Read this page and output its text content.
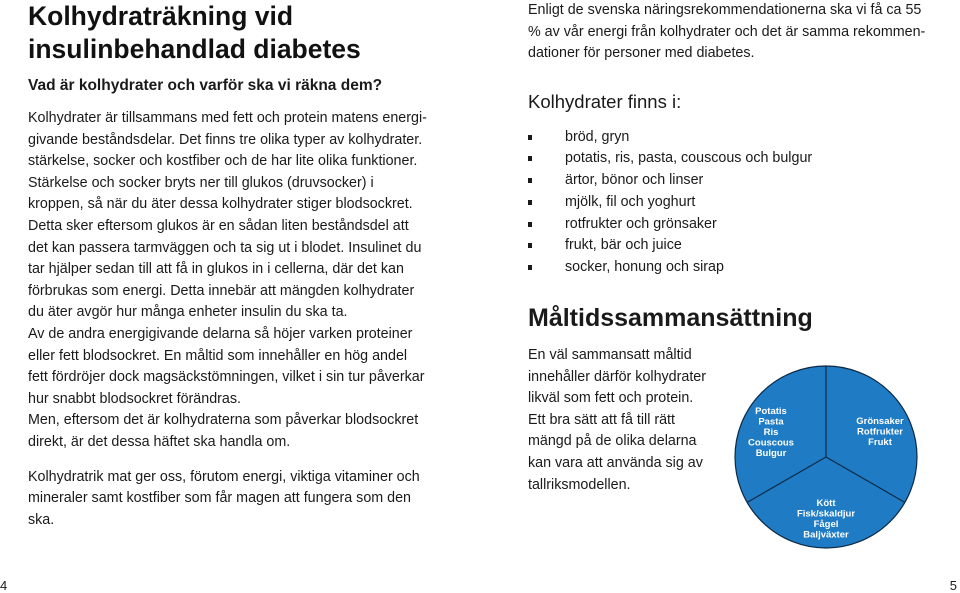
Kolhydraträkning vid
insulinbehandlad diabetes
Vad är kolhydrater och varför ska vi räkna dem?
Kolhydrater är tillsammans med fett och protein matens energi-
givande beståndsdelar. Det finns tre olika typer av kolhydrater.
stärkelse, socker och kostfiber och de har lite olika funktioner.
Stärkelse och socker bryts ner till glukos (druvsocker) i
kroppen, så när du äter dessa kolhydrater stiger blodsockret.
Detta sker eftersom glukos är en sådan liten beståndsdel att
det kan passera tarmväggen och ta sig ut i blodet. Insulinet du
tar hjälper sedan till att få in glukos in i cellerna, där det kan
förbrukas som energi. Detta innebär att mängden kolhydrater
du äter avgör hur många enheter insulin du ska ta.
Av de andra energigivande delarna så höjer varken proteiner
eller fett blodsockret. En måltid som innehåller en hög andel
fett fördröjer dock magsäckstömningen, vilket i sin tur påverkar
hur snabbt blodsockret förändras.
Men, eftersom det är kolhydraterna som påverkar blodsockret
direkt, är det dessa häftet ska handla om.
Kolhydratrik mat ger oss, förutom energi, viktiga vitaminer och
mineraler samt kostfiber som får magen att fungera som den ska.
Enligt de svenska näringsrekommendationerna ska vi få ca 55
% av vår energi från kolhydrater och det är samma rekommen-
dationer för personer med diabetes.
Kolhydrater finns i:
bröd, gryn
potatis, ris, pasta, couscous och bulgur
ärtor, bönor och linser
mjölk, fil och yoghurt
rotfrukter och grönsaker
frukt, bär och juice
socker, honung och sirap
Måltidssammansättning
En väl sammansatt måltid
innehåller därför kolhydrater
likväl som fett och protein.
Ett bra sätt att få till rätt
mängd på de olika delarna
kan vara att använda sig av
tallriksmodellen.
Potatis
Pasta
Ris
Couscous
Bulgur
Grönsaker
Rotfrukter
Frukt
Kött
Fisk/skaldjur
Fågel
Baljväxter
4	5
